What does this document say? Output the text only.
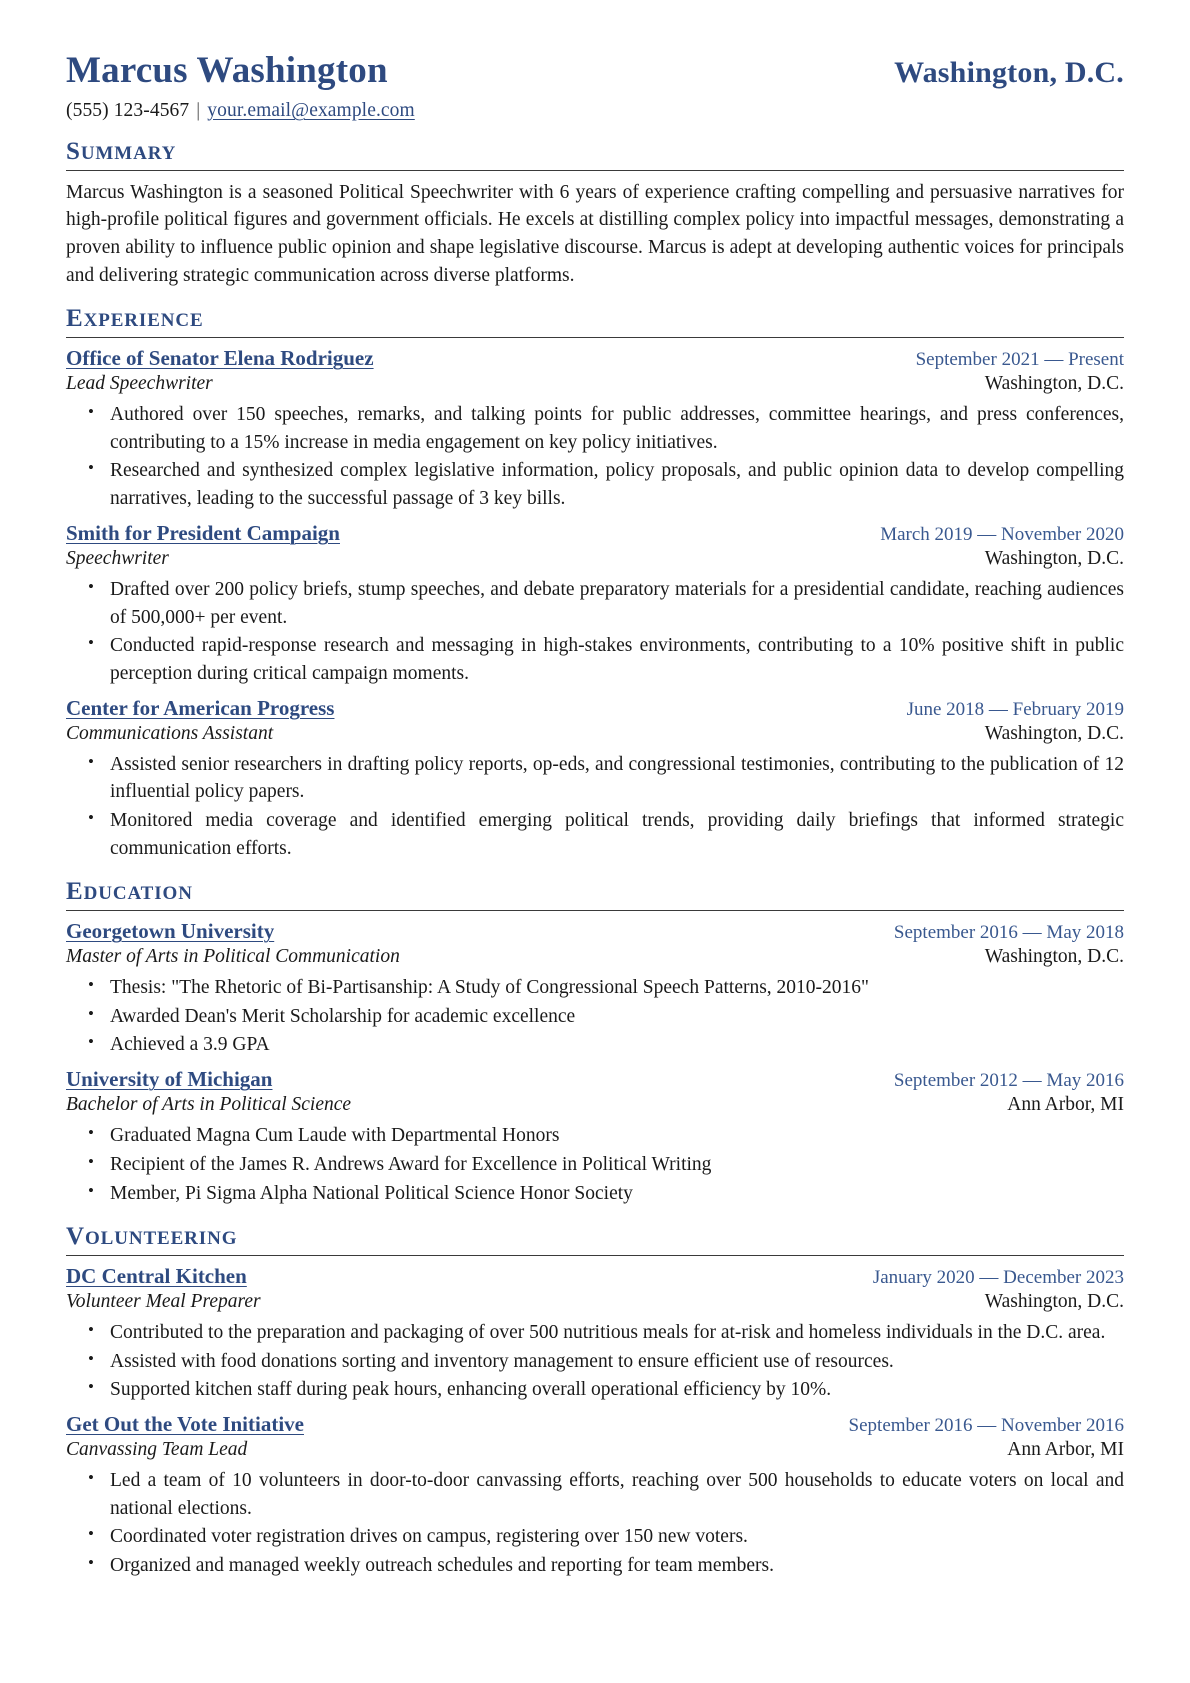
Marcus Washington	Washington, D.C.
(555) 123-4567 | your.email@example.com
SUMMARY

Marcus Washington is a seasoned Political Speechwriter with 6 years of experience crafting compelling and persuasive narratives for high-profile political figures and government officials. He excels at distilling complex policy into impactful messages, demonstrating a proven ability to influence public opinion and shape legislative discourse. Marcus is adept at developing authentic voices for principals and delivering strategic communication across diverse platforms.

EXPERIENCE
Office of Senator Elena Rodriguez	September 2021 — Present
Lead Speechwriter	Washington, D.C.
• Authored over 150 speeches, remarks, and talking points for public addresses, committee hearings, and press conferences, contributing to a 15% increase in media engagement on key policy initiatives.
• Researched and synthesized complex legislative information, policy proposals, and public opinion data to develop compelling narratives, leading to the successful passage of 3 key bills.
Smith for President Campaign	March 2019 — November 2020
Speechwriter	Washington, D.C.
• Drafted over 200 policy briefs, stump speeches, and debate preparatory materials for a presidential candidate, reaching audiences of 500,000+ per event.
• Conducted rapid-response research and messaging in high-stakes environments, contributing to a 10% positive shift in public perception during critical campaign moments.
Center for American Progress	June 2018 — February 2019
Communications Assistant	Washington, D.C.
• Assisted senior researchers in drafting policy reports, op-eds, and congressional testimonies, contributing to the publication of 12 influential policy papers.
• Monitored media coverage and identified emerging political trends, providing daily briefings that informed strategic communication efforts.
EDUCATION
Georgetown University	September 2016 — May 2018
Master of Arts in Political Communication	Washington, D.C.
• Thesis: "The Rhetoric of Bi-Partisanship: A Study of Congressional Speech Patterns, 2010-2016"
• Awarded Dean's Merit Scholarship for academic excellence
• Achieved a 3.9 GPA
University of Michigan	September 2012 — May 2016
Bachelor of Arts in Political Science	Ann Arbor, MI
• Graduated Magna Cum Laude with Departmental Honors
• Recipient of the James R. Andrews Award for Excellence in Political Writing
• Member, Pi Sigma Alpha National Political Science Honor Society
VOLUNTEERING
DC Central Kitchen	January 2020 — December 2023
Volunteer Meal Preparer	Washington, D.C.
• Contributed to the preparation and packaging of over 500 nutritious meals for at-risk and homeless individuals in the D.C. area.
• Assisted with food donations sorting and inventory management to ensure efficient use of resources.
• Supported kitchen staff during peak hours, enhancing overall operational efficiency by 10%.
Get Out the Vote Initiative	September 2016 — November 2016
Canvassing Team Lead	Ann Arbor, MI
• Led a team of 10 volunteers in door-to-door canvassing efforts, reaching over 500 households to educate voters on local and national elections.
• Coordinated voter registration drives on campus, registering over 150 new voters.
• Organized and managed weekly outreach schedules and reporting for team members.
